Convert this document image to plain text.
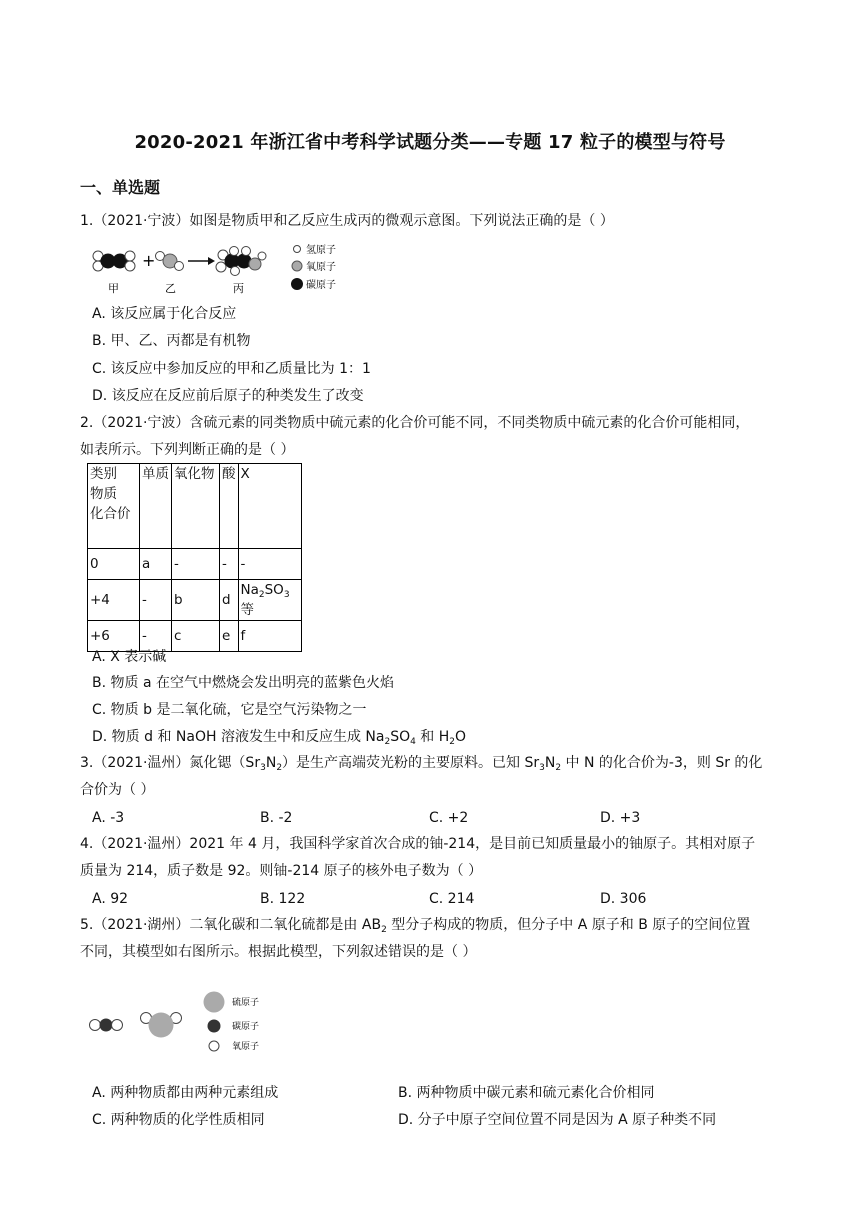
2020-2021 年浙江省中考科学试题分类——专题 17 粒子的模型与符号
一、单选题
1.（2021·宁波）如图是物质甲和乙反应生成丙的微观示意图。下列说法正确的是（ ）
+
甲	乙	丙
氢原子
氧原子
碳原子
A. 该反应属于化合反应
B. 甲、乙、丙都是有机物
C. 该反应中参加反应的甲和乙质量比为 1：1
D. 该反应在反应前后原子的种类发生了改变
2.（2021·宁波）含硫元素的同类物质中硫元素的化合价可能不同，不同类物质中硫元素的化合价可能相同，
如表所示。下列判断正确的是（ ）
类别
物质
化合价	单质	氧化物	酸	X
0	a	-	-	-
+4	-	b	d	$Na_2SO_3$ 等
+6	-	c	e	f
A. X 表示碱
B. 物质 a 在空气中燃烧会发出明亮的蓝紫色火焰
C. 物质 b 是二氧化硫，它是空气污染物之一
D. 物质 d 和 NaOH 溶液发生中和反应生成 $Na_2SO_4$ 和 $H_2O$
3.（2021·温州）氮化锶$(Sr_3N_2)$是生产高端荧光粉的主要原料。已知 $Sr_3N_2$ 中 N 的化合价为-3，则 Sr 的化
合价为（ ）
A. -3	B. -2	C. +2	D. +3
4.（2021·温州）2021 年 4 月，我国科学家首次合成的铀-214，是目前已知质量最小的铀原子。其相对原子
质量为 214，质子数是 92。则铀-214 原子的核外电子数为（ ）
A. 92	B. 122	C. 214	D. 306
5.（2021·湖州）二氧化碳和二氧化硫都是由 $AB_2$ 型分子构成的物质，但分子中 A 原子和 B 原子的空间位置
不同，其模型如右图所示。根据此模型，下列叙述错误的是（ ）
硫原子
碳原子
氧原子
A. 两种物质都由两种元素组成	B. 两种物质中碳元素和硫元素化合价相同
C. 两种物质的化学性质相同	D. 分子中原子空间位置不同是因为 A 原子种类不同
